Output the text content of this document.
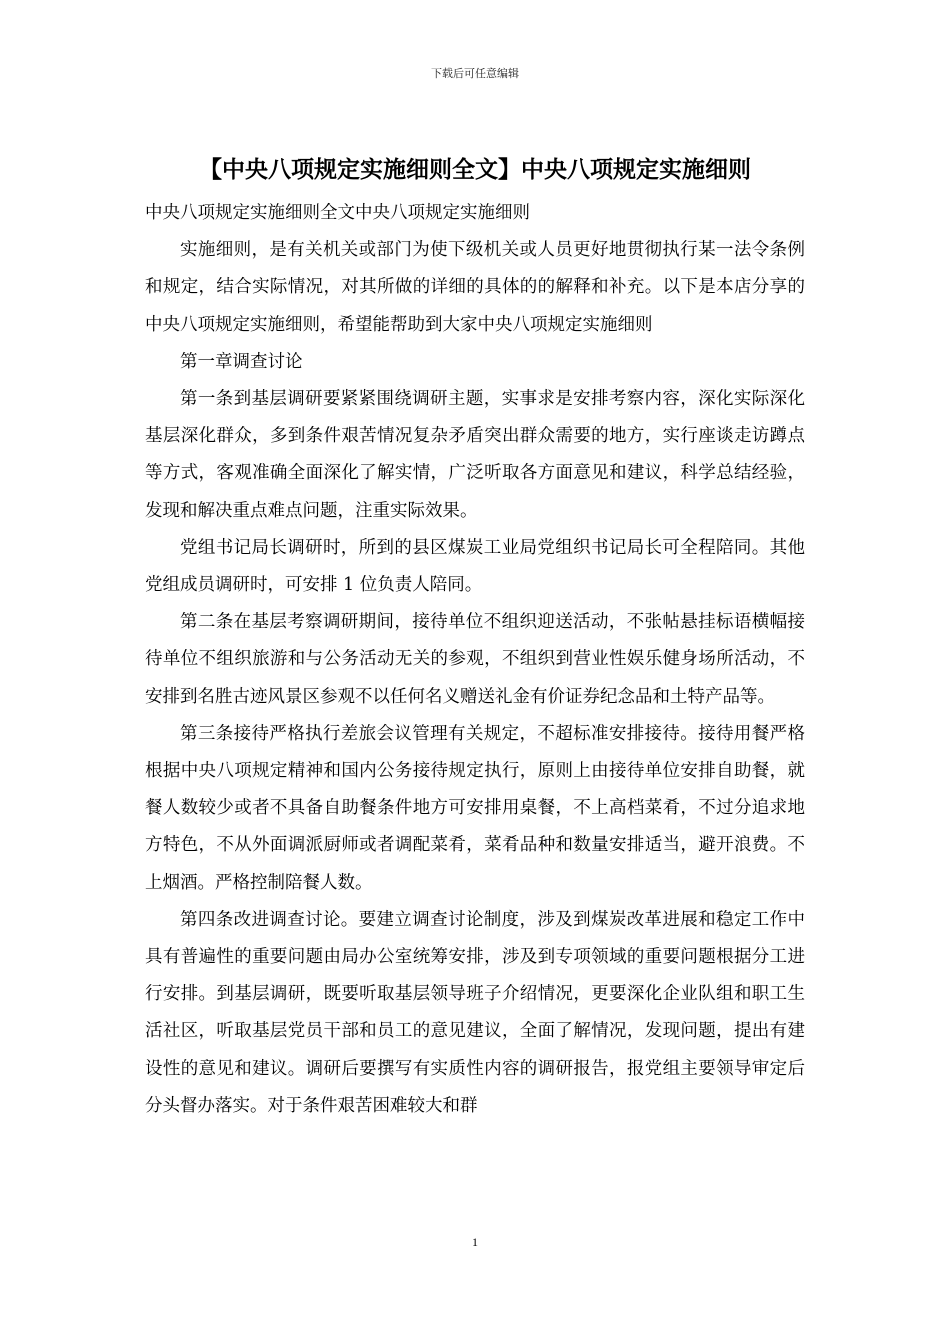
下载后可任意编辑
【中央八项规定实施细则全文】中央八项规定实施细则

中央八项规定实施细则全文中央八项规定实施细则

实施细则，是有关机关或部门为使下级机关或人员更好地贯彻执行某一法令条例和规定，结合实际情况，对其所做的详细的具体的的解释和补充。以下是本店分享的中央八项规定实施细则，希望能帮助到大家中央八项规定实施细则

第一章调查讨论

第一条到基层调研要紧紧围绕调研主题，实事求是安排考察内容，深化实际深化基层深化群众，多到条件艰苦情况复杂矛盾突出群众需要的地方，实行座谈走访蹲点等方式，客观准确全面深化了解实情，广泛听取各方面意见和建议，科学总结经验，发现和解决重点难点问题，注重实际效果。

党组书记局长调研时，所到的县区煤炭工业局党组织书记局长可全程陪同。其他党组成员调研时，可安排 1 位负责人陪同。

第二条在基层考察调研期间，接待单位不组织迎送活动，不张帖悬挂标语横幅接待单位不组织旅游和与公务活动无关的参观，不组织到营业性娱乐健身场所活动，不安排到名胜古迹风景区参观不以任何名义赠送礼金有价证券纪念品和土特产品等。

第三条接待严格执行差旅会议管理有关规定，不超标准安排接待。接待用餐严格根据中央八项规定精神和国内公务接待规定执行，原则上由接待单位安排自助餐，就餐人数较少或者不具备自助餐条件地方可安排用桌餐，不上高档菜肴，不过分追求地方特色，不从外面调派厨师或者调配菜肴，菜肴品种和数量安排适当，避开浪费。不上烟酒。严格控制陪餐人数。

第四条改进调查讨论。要建立调查讨论制度，涉及到煤炭改革进展和稳定工作中具有普遍性的重要问题由局办公室统筹安排，涉及到专项领域的重要问题根据分工进行安排。到基层调研，既要听取基层领导班子介绍情况，更要深化企业队组和职工生活社区，听取基层党员干部和员工的意见建议，全面了解情况，发现问题，提出有建设性的意见和建议。调研后要撰写有实质性内容的调研报告，报党组主要领导审定后分头督办落实。对于条件艰苦困难较大和群

1
